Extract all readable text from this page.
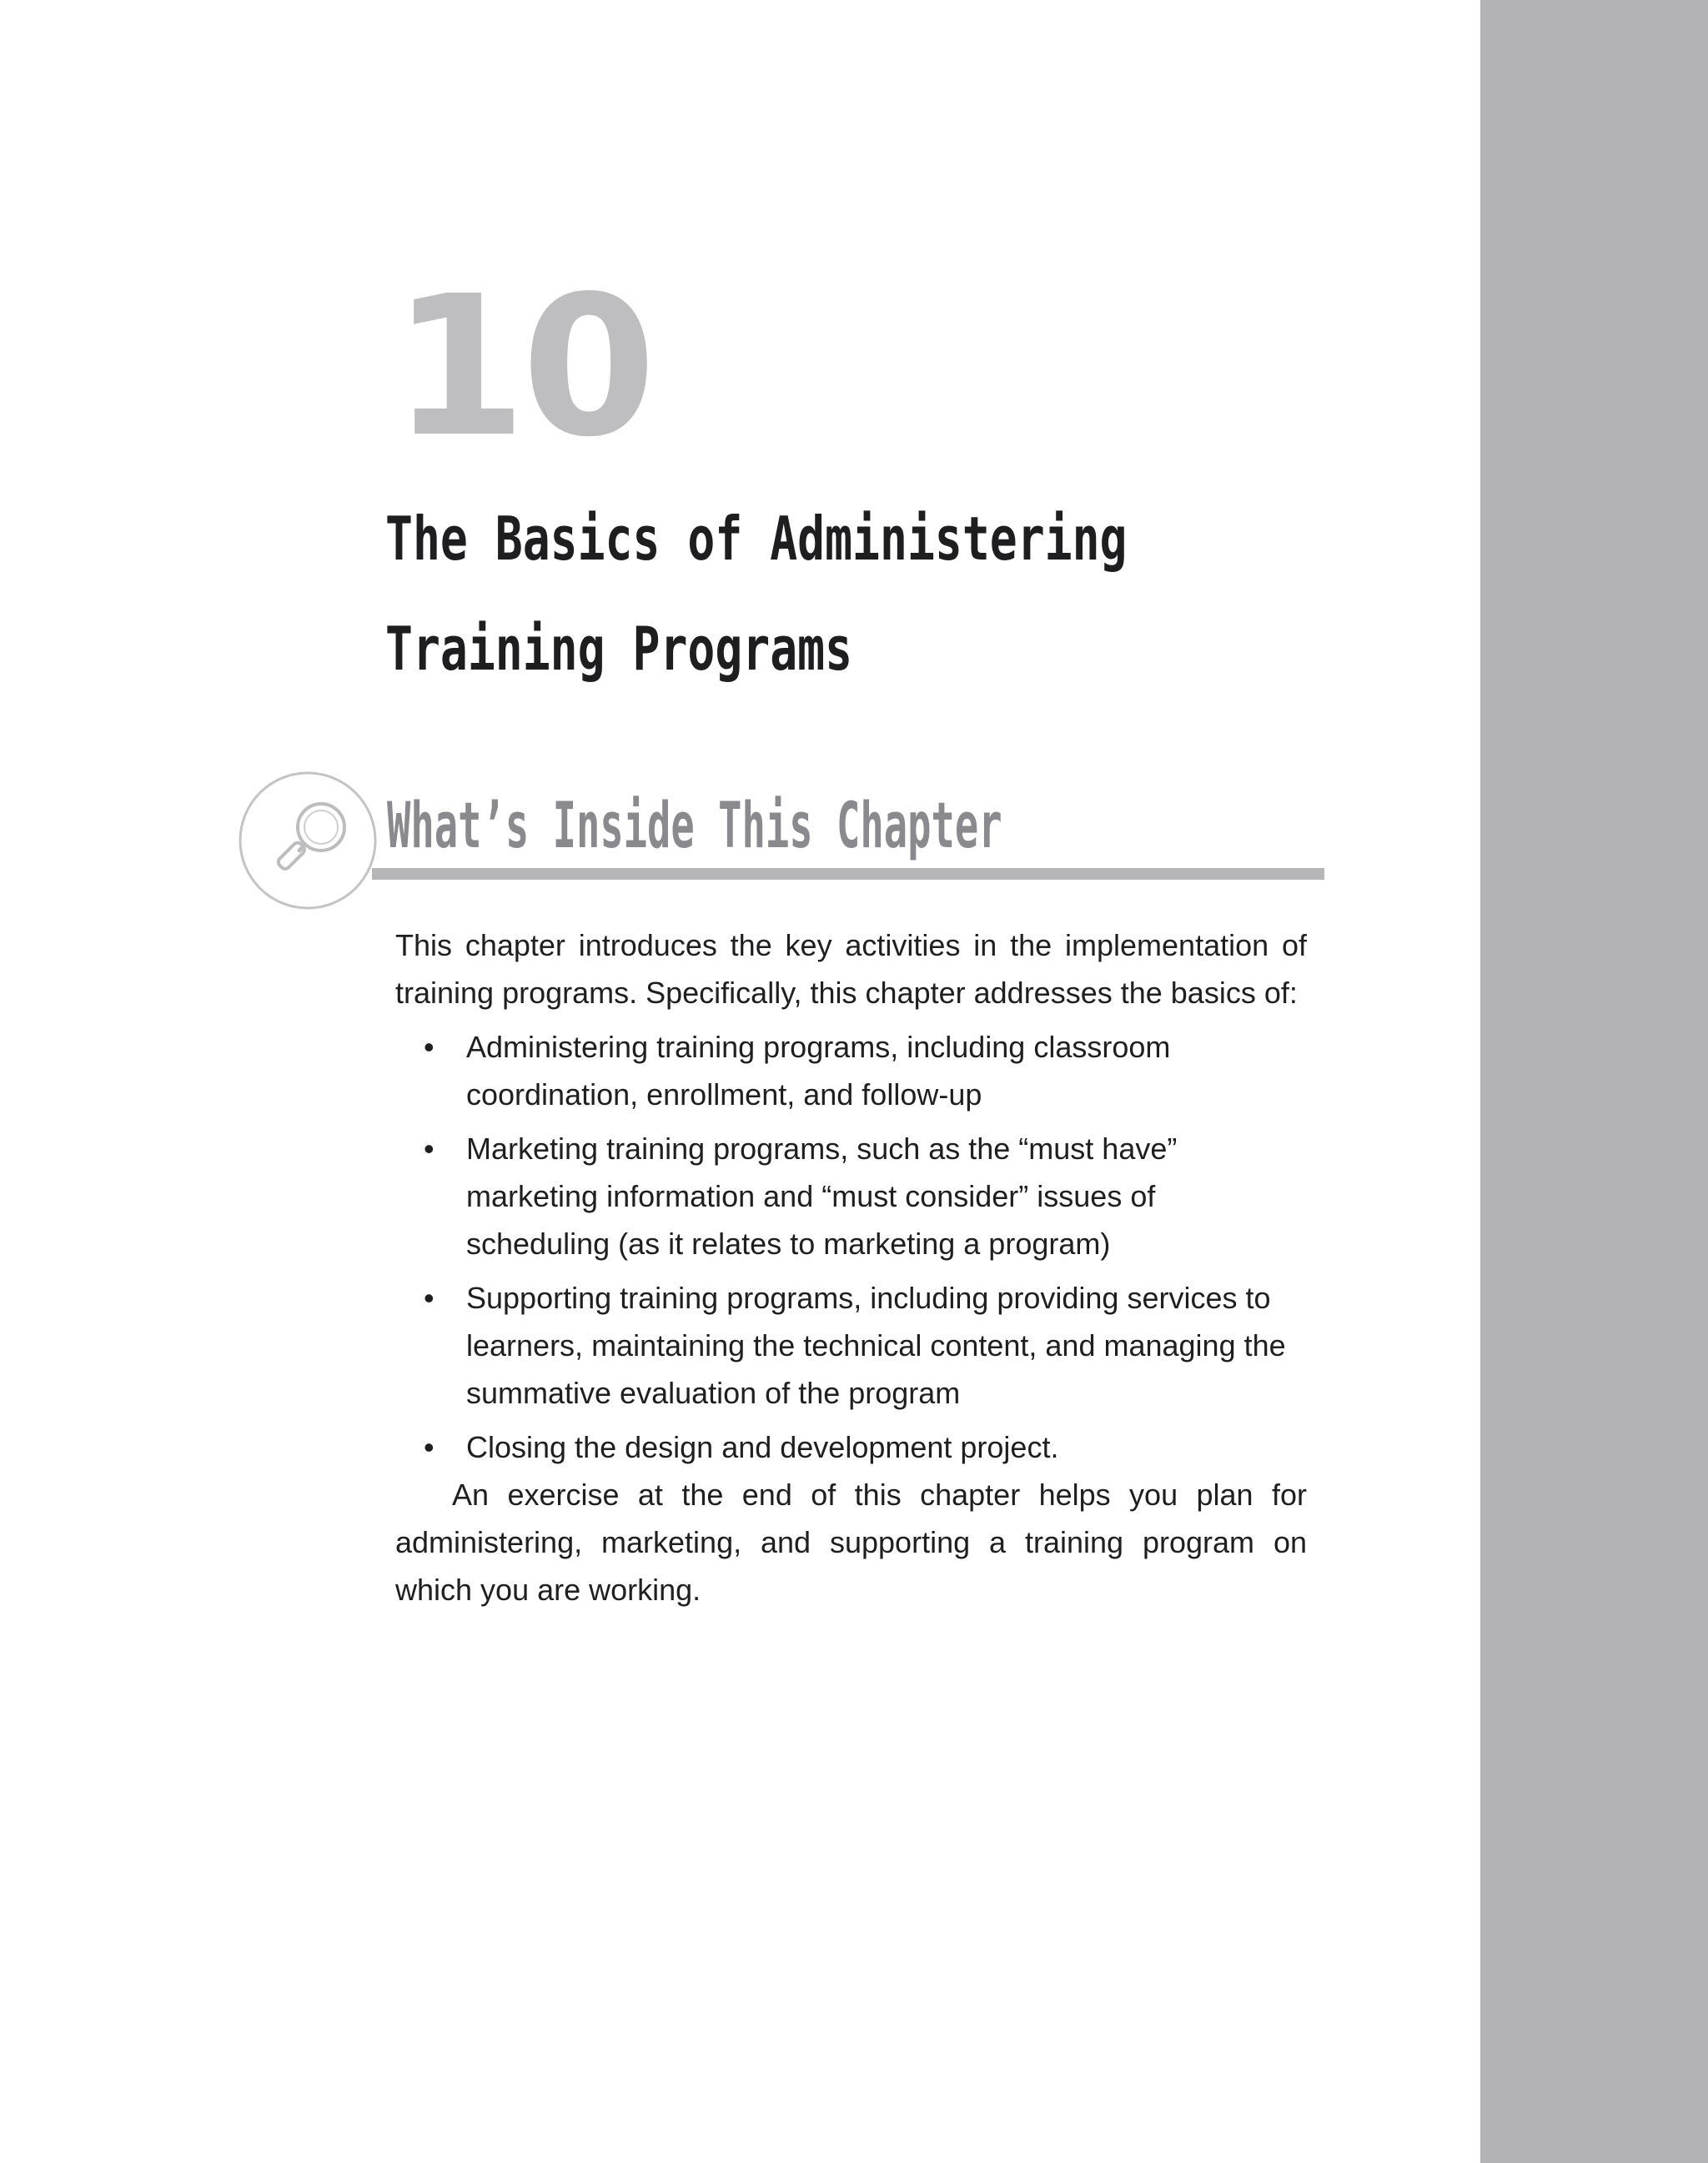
10
The Basics of Administering
Training Programs
What’s Inside This Chapter

This chapter introduces the key activities in the implementation of training programs. Specifically, this chapter addresses the basics of:

• Administering training programs, including classroom coordination, enrollment, and follow-up
• Marketing training programs, such as the “must have” marketing information and “must consider” issues of scheduling (as it relates to marketing a program)
• Supporting training programs, including providing services to learners, maintaining the technical content, and managing the summative evaluation of the program
• Closing the design and development project.

An exercise at the end of this chapter helps you plan for administering, marketing, and supporting a training program on which you are working.
